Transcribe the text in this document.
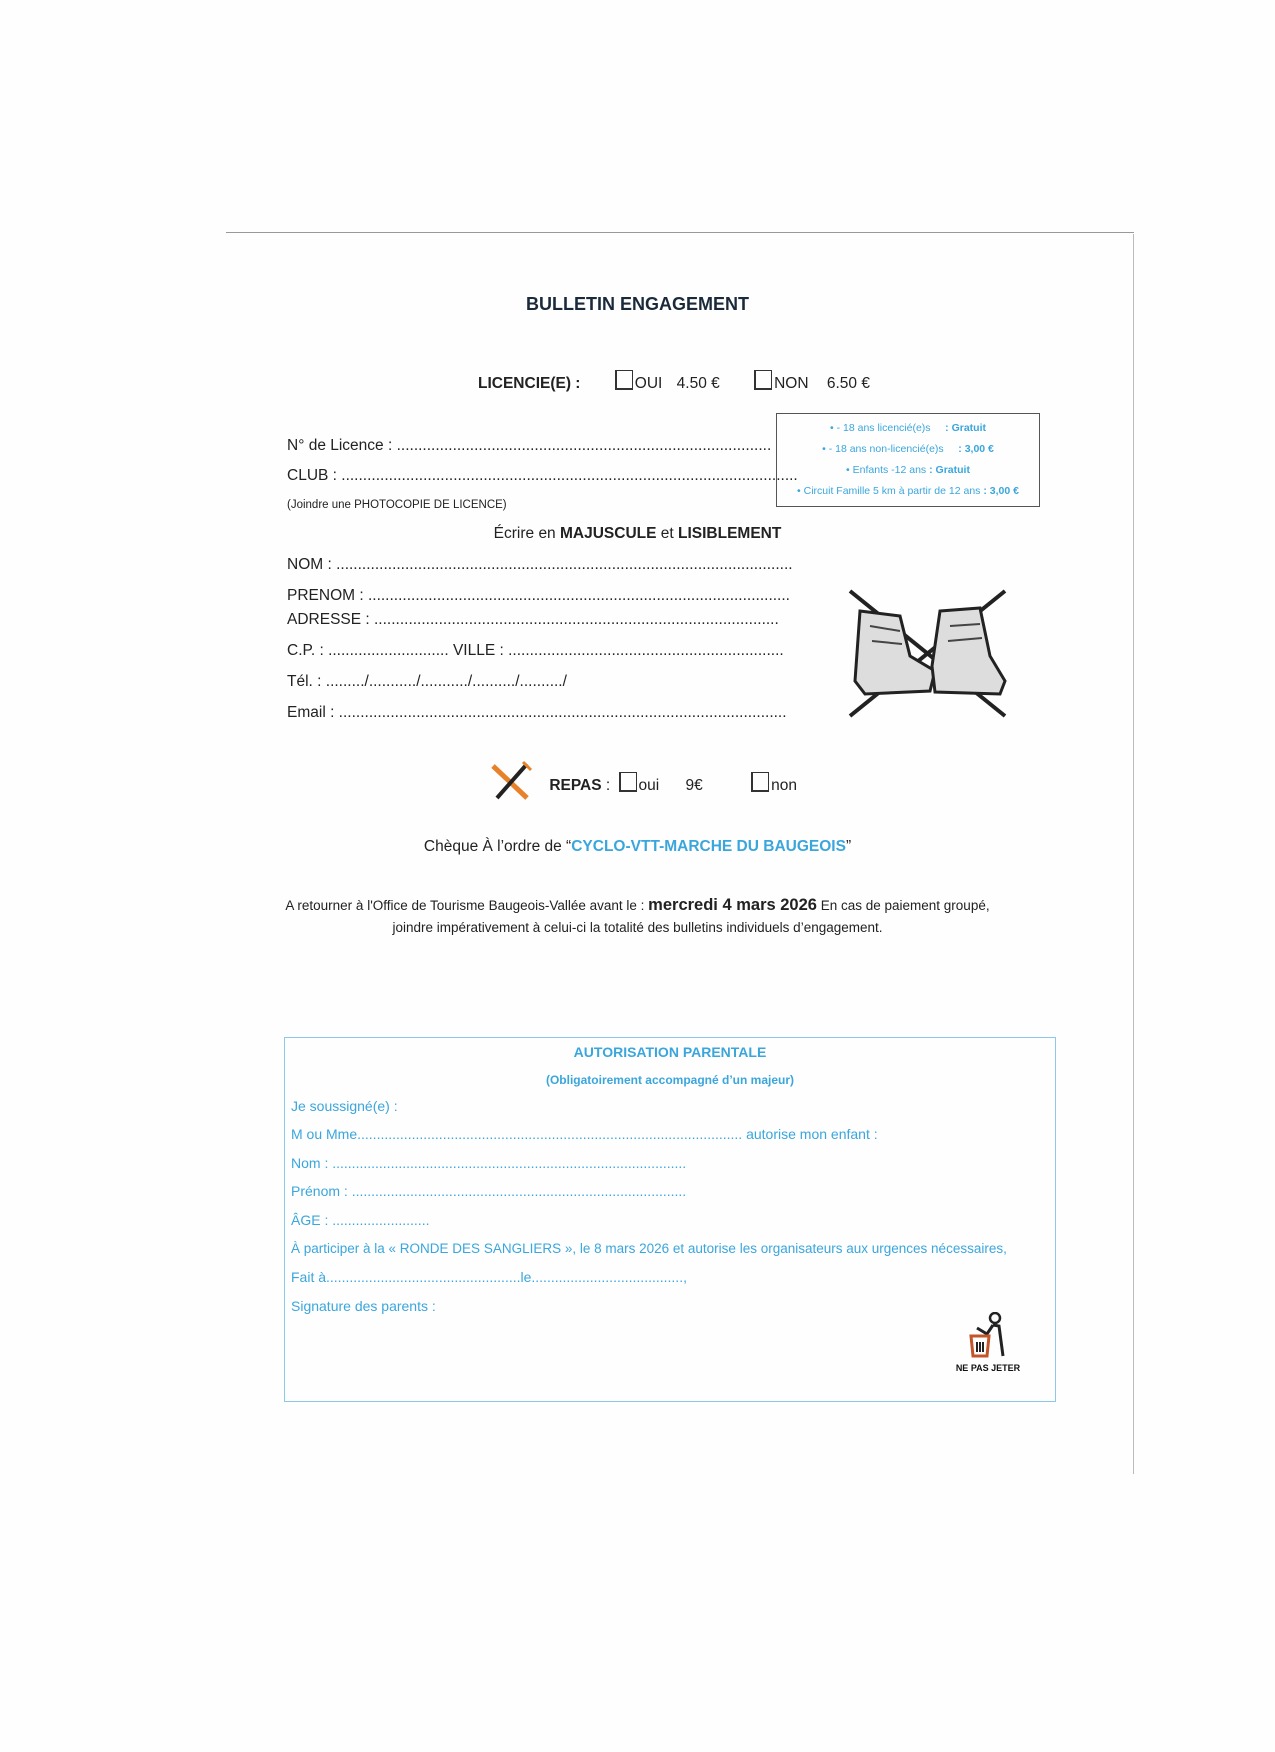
BULLETIN ENGAGEMENT
LICENCIE(E) :	OUI 4.50 €	NON 6.50 €
• - 18 ans licencié(e)s : Gratuit
• - 18 ans non-licencié(e)s : 3,00 €
• Enfants -12 ans : Gratuit
• Circuit Famille 5 km à partir de 12 ans : 3,00 €
N° de Licence : .......................................................................................
CLUB : ..........................................................................................................
(Joindre une PHOTOCOPIE DE LICENCE)
Écrire en MAJUSCULE et LISIBLEMENT
NOM : ..........................................................................................................
PRENOM : ..................................................................................................
ADRESSE : ..............................................................................................
C.P. : ............................ VILLE : ................................................................
Tél. : ........./.........../.........../........../........../
Email : ........................................................................................................
REPAS : oui 9€	non
Chèque À l’ordre de “CYCLO-VTT-MARCHE DU BAUGEOIS”
A retourner à l'Office de Tourisme Baugeois-Vallée avant le : mercredi 4 mars 2026 En cas de paiement groupé,
joindre impérativement à celui-ci la totalité des bulletins individuels d’engagement.
AUTORISATION PARENTALE
(Obligatoirement accompagné d’un majeur)
Je soussigné(e) :
M ou Mme................................................................................................... autorise mon enfant :
Nom : ...........................................................................................
Prénom : ......................................................................................
ÂGE : .........................
À participer à la « RONDE DES SANGLIERS », le 8 mars 2026 et autorise les organisateurs aux urgences nécessaires,
Fait à..................................................le.......................................,
Signature des parents :
NE PAS JETER
